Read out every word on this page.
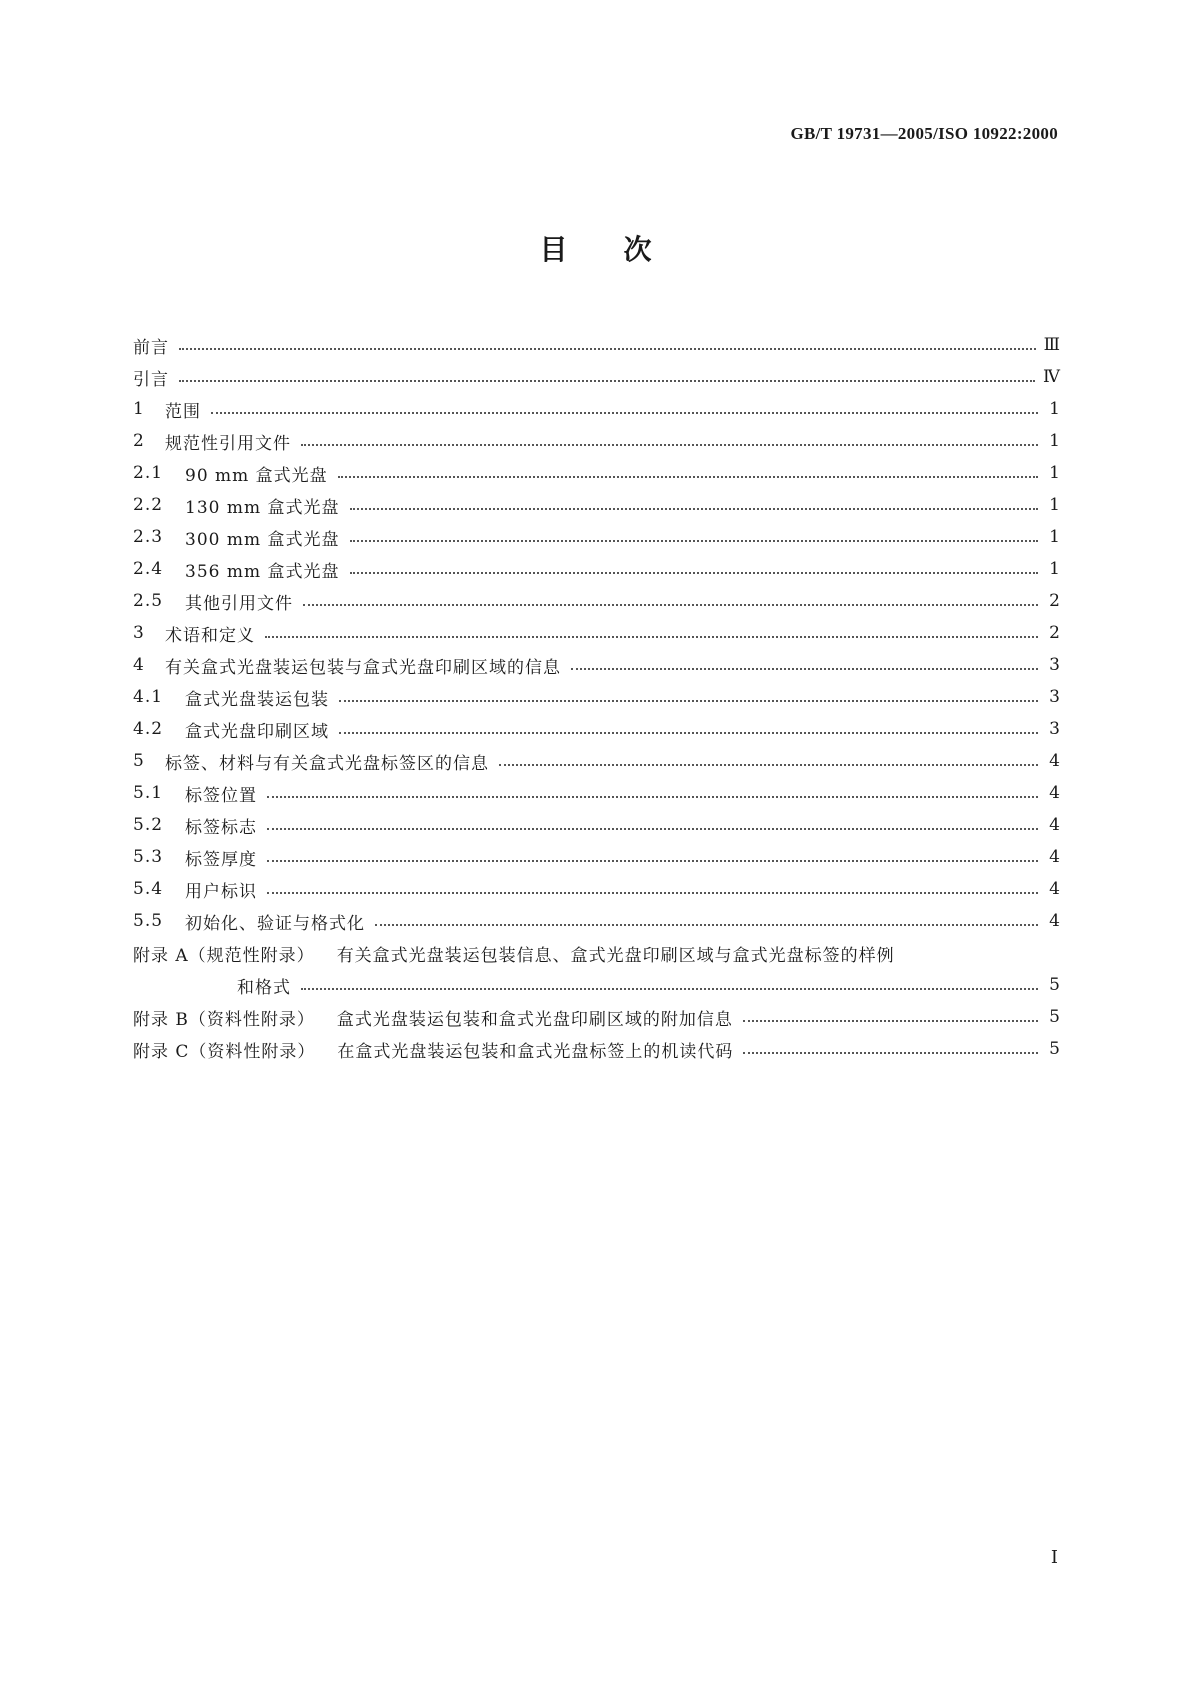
GB/T 19731—2005/ISO 10922:2000
目次
前言	Ⅲ
引言	Ⅳ
1	范围	1
2	规范性引用文件	1
2.1	90 mm 盒式光盘	1
2.2	130 mm 盒式光盘	1
2.3	300 mm 盒式光盘	1
2.4	356 mm 盒式光盘	1
2.5	其他引用文件	2
3	术语和定义	2
4	有关盒式光盘装运包装与盒式光盘印刷区域的信息	3
4.1	盒式光盘装运包装	3
4.2	盒式光盘印刷区域	3
5	标签、材料与有关盒式光盘标签区的信息	4
5.1	标签位置	4
5.2	标签标志	4
5.3	标签厚度	4
5.4	用户标识	4
5.5	初始化、验证与格式化	4
附录 A（规范性附录） 有关盒式光盘装运包装信息、盒式光盘印刷区域与盒式光盘标签的样例
和格式	5
附录 B（资料性附录） 盒式光盘装运包装和盒式光盘印刷区域的附加信息	5
附录 C（资料性附录） 在盒式光盘装运包装和盒式光盘标签上的机读代码	5
Ⅰ
